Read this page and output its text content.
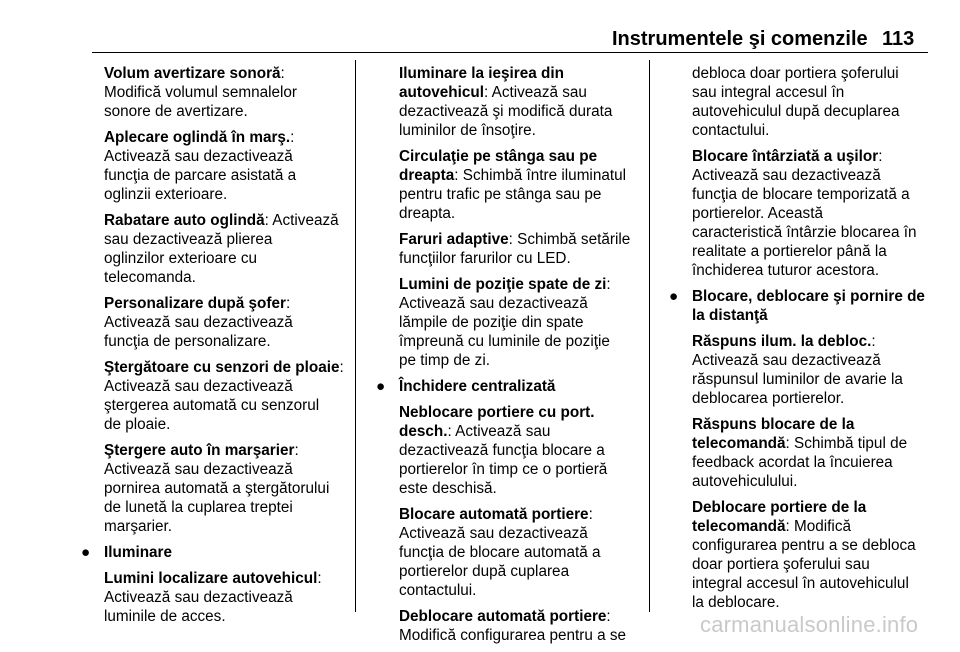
Instrumentele şi comenzile 113
Volum avertizare sonoră:
Modifică volumul semnalelor
sonore de avertizare.
Aplecare oglindă în marş.:
Activează sau dezactivează
funcţia de parcare asistată a
oglinzii exterioare.
Rabatare auto oglindă: Activează
sau dezactivează plierea
oglinzilor exterioare cu
telecomanda.
Personalizare după şofer:
Activează sau dezactivează
funcţia de personalizare.
Ştergătoare cu senzori de ploaie:
Activează sau dezactivează
ştergerea automată cu senzorul
de ploaie.
Ştergere auto în marşarier:
Activează sau dezactivează
pornirea automată a ştergătorului
de lunetă la cuplarea treptei
marşarier.
● Iluminare
Lumini localizare autovehicul:
Activează sau dezactivează
luminile de acces.
Iluminare la ieşirea din
autovehicul: Activează sau
dezactivează şi modifică durata
luminilor de însoţire.
Circulaţie pe stânga sau pe
dreapta: Schimbă între iluminatul
pentru trafic pe stânga sau pe
dreapta.
Faruri adaptive: Schimbă setările
funcţiilor farurilor cu LED.
Lumini de poziţie spate de zi:
Activează sau dezactivează
lămpile de poziţie din spate
împreună cu luminile de poziţie
pe timp de zi.
● Închidere centralizată
Neblocare portiere cu port.
desch.: Activează sau
dezactivează funcţia blocare a
portierelor în timp ce o portieră
este deschisă.
Blocare automată portiere:
Activează sau dezactivează
funcţia de blocare automată a
portierelor după cuplarea
contactului.
Deblocare automată portiere:
Modifică configurarea pentru a se
debloca doar portiera şoferului
sau integral accesul în
autovehiculul după decuplarea
contactului.
Blocare întârziată a uşilor:
Activează sau dezactivează
funcţia de blocare temporizată a
portierelor. Această
caracteristică întârzie blocarea în
realitate a portierelor până la
închiderea tuturor acestora.
● Blocare, deblocare şi pornire de
la distanţă
Răspuns ilum. la debloc.:
Activează sau dezactivează
răspunsul luminilor de avarie la
deblocarea portierelor.
Răspuns blocare de la
telecomandă: Schimbă tipul de
feedback acordat la încuierea
autovehiculului.
Deblocare portiere de la
telecomandă: Modifică
configurarea pentru a se debloca
doar portiera şoferului sau
integral accesul în autovehiculul
la deblocare.
carmanualsonline.info
